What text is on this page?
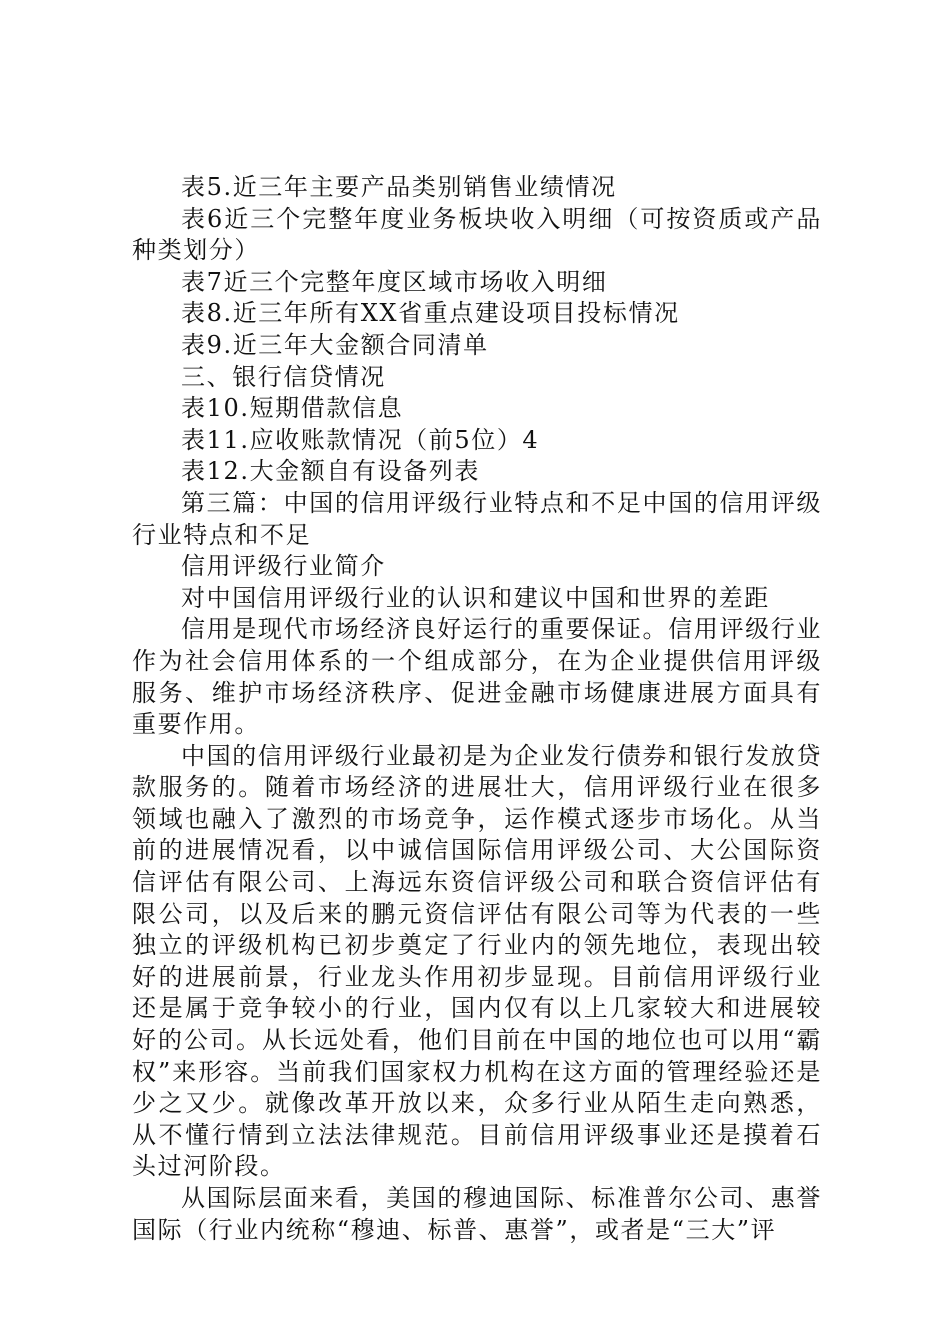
表5.近三年主要产品类别销售业绩情况

表6近三个完整年度业务板块收入明细（可按资质或产品种类划分）

表7近三个完整年度区域市场收入明细

表8.近三年所有XX省重点建设项目投标情况

表9.近三年大金额合同清单

三、银行信贷情况

表10.短期借款信息

表11.应收账款情况（前5位）4

表12.大金额自有设备列表

第三篇：中国的信用评级行业特点和不足中国的信用评级行业特点和不足

信用评级行业简介

对中国信用评级行业的认识和建议中国和世界的差距

信用是现代市场经济良好运行的重要保证。信用评级行业作为社会信用体系的一个组成部分，在为企业提供信用评级服务、维护市场经济秩序、促进金融市场健康进展方面具有重要作用。

中国的信用评级行业最初是为企业发行债券和银行发放贷款服务的。随着市场经济的进展壮大，信用评级行业在很多领域也融入了激烈的市场竞争，运作模式逐步市场化。从当前的进展情况看，以中诚信国际信用评级公司、大公国际资信评估有限公司、上海远东资信评级公司和联合资信评估有限公司，以及后来的鹏元资信评估有限公司等为代表的一些独立的评级机构已初步奠定了行业内的领先地位，表现出较好的进展前景，行业龙头作用初步显现。目前信用评级行业还是属于竞争较小的行业，国内仅有以上几家较大和进展较好的公司。从长远处看，他们目前在中国的地位也可以用“霸权”来形容。当前我们国家权力机构在这方面的管理经验还是少之又少。就像改革开放以来，众多行业从陌生走向熟悉，从不懂行情到立法法律规范。目前信用评级事业还是摸着石头过河阶段。

从国际层面来看，美国的穆迪国际、标准普尔公司、惠誉国际（行业内统称“穆迪、标普、惠誉”，或者是“三大”评
